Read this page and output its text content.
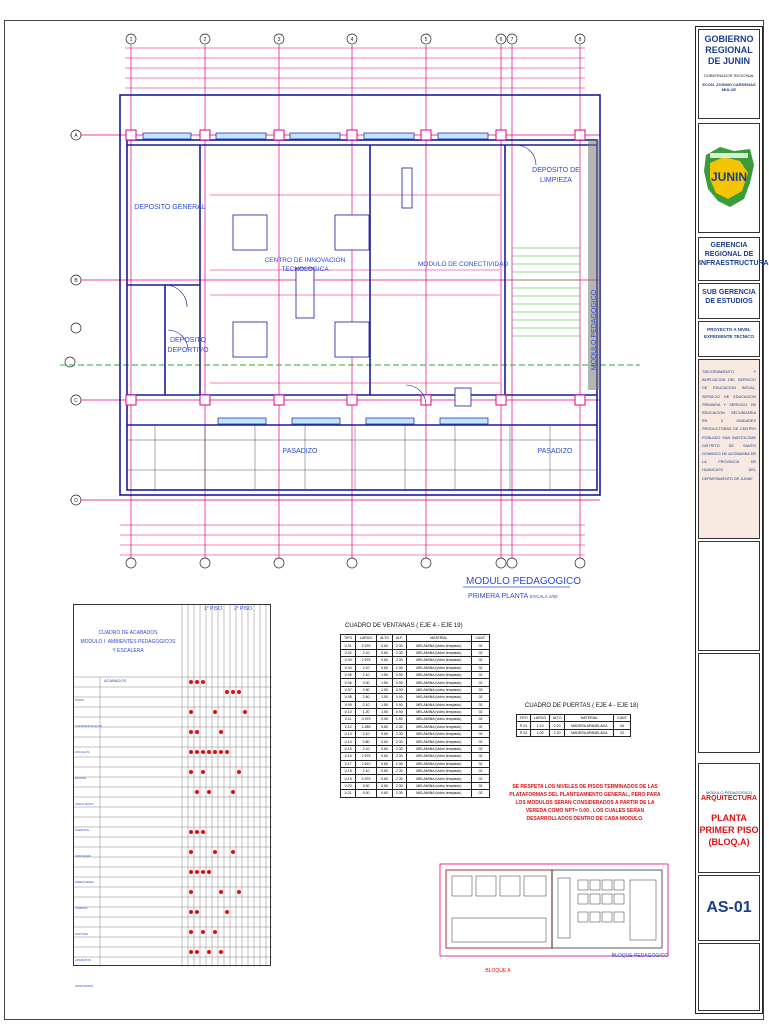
DEPOSITO GENERAL
CENTRO DE INNOVACION
TECNOLOGICA
MODULO DE CONECTIVIDAD
DEPOSITO DE
LIMPIEZA
DEPOSITO
DEPORTIVO
PASADIZO	PASADIZO
MODULO PEDAGOGICO
MODULO PEDAGOGICO
PRIMERA PLANTA ESCALA 1/50
1	2	3	4	5	6 7	8
A
B
C
D
CUADRO DE ACABADOS
MODULO I: AMBIENTES PEDAGOGICOS
Y ESCALERA
1° PISO 2° PISO
ACABADOS
PISOS
CONTRAZOCALOS
ZOCALOS
MUROS
CIELO RASO
PUERTAS
VENTANAS
CERRAJERIA
VIDRIOS
PINTURA
APARATOS SANITARIOS
CUADRO DE VENTANAS ( EJE 4 - EJE 19)
TIPO	LARGO	ALTO	ALF.	MATERIAL	CANT.
V-01	2.975	0.60	2.30	MELAMINA (vidrio templado)	02
V-02	2.10	0.60	2.30	MELAMINA (vidrio templado)	02
V-03	2.975	0.60	2.30	MELAMINA (vidrio templado)	02
V-04	2.10	0.60	2.30	MELAMINA (vidrio templado)	02
V-05	2.10	1.50	0.90	MELAMINA (vidrio templado)	02
V-06	3.00	1.50	0.90	MELAMINA (vidrio templado)	02
V-07	0.90	1.50	0.90	MELAMINA (vidrio templado)	03
V-08	2.60	1.50	0.90	MELAMINA (vidrio templado)	02
V-09	2.10	1.50	0.90	MELAMINA (vidrio templado)	02
V-10	1.20	1.50	0.90	MELAMINA (vidrio templado)	02
V-11	0.975	0.90	1.50	MELAMINA (vidrio templado)	02
V-12	2.285	0.60	2.30	MELAMINA (vidrio templado)	02
V-13	2.10	0.60	2.30	MELAMINA (vidrio templado)	02
V-14	0.80	0.60	2.30	MELAMINA (vidrio templado)	02
V-15	2.10	0.60	2.30	MELAMINA (vidrio templado)	02
V-16	2.975	0.60	2.30	MELAMINA (vidrio templado)	02
V-17	2.610	0.60	2.30	MELAMINA (vidrio templado)	02
V-18	2.10	0.60	2.30	MELAMINA (vidrio templado)	02
V-19	2.975	0.60	2.30	MELAMINA (vidrio templado)	02
V-20	3.00	0.60	2.30	MELAMINA (vidrio templado)	02
V-21	3.00	0.60	2.30	MELAMINA (vidrio templado)	02
CUADRO DE PUERTAS ( EJE 4 - EJE 18)
TIPO	LARGO	ALTO	MATERIAL	CANT.
P-01	1.10	2.20	MADERA APANELADA	06
P-02	1.00	2.20	MADERA APANELADA	02
SE RESPETA LOS NIVELES DE PISOS TERMINADOS DE LAS PLATAFORMAS DEL PLANTEAMIENTO GENERAL, PERO PARA LOS MODULOS SERAN CONSIDERADOS A PARTIR DE LA VEREDA COMO NPT= 0.00 , LOS CUALES SERAN DESARROLLADOS DENTRO DE CADA MODULO.
BLOQUE A
BLOQUE PEDAGOGICO
GOBIERNO REGIONAL DE JUNIN
GOBERNADOR REGIONAL
ECON. ZOSIMO CARDENAS MULUE
JUNIN
GERENCIA REGIONAL DE INFRAESTRUCTURA
SUB GERENCIA DE ESTUDIOS
PROYECTO A NIVEL EXPEDIENTE TECNICO
"MEJORAMIENTO Y AMPLIACION DEL SERVICIO DE EDUCACION INICIAL, SERVICIO DE EDUCACION PRIMARIA Y SERVICIO DE EDUCACION SECUNDARIA EN 3 UNIDADES PRODUCTORAS DE CENTRO POBLADO SAN BARTOLOME DISTRITO DE SANTO DOMINGO DE ACOBAMBA DE LA PROVINCIA DE HUANCAYO DEL DEPARTAMENTO DE JUNIN"
MODULO PEDAGOGICO
ARQUITECTURA
PLANTA PRIMER PISO (BLOQ.A)
AS-01
